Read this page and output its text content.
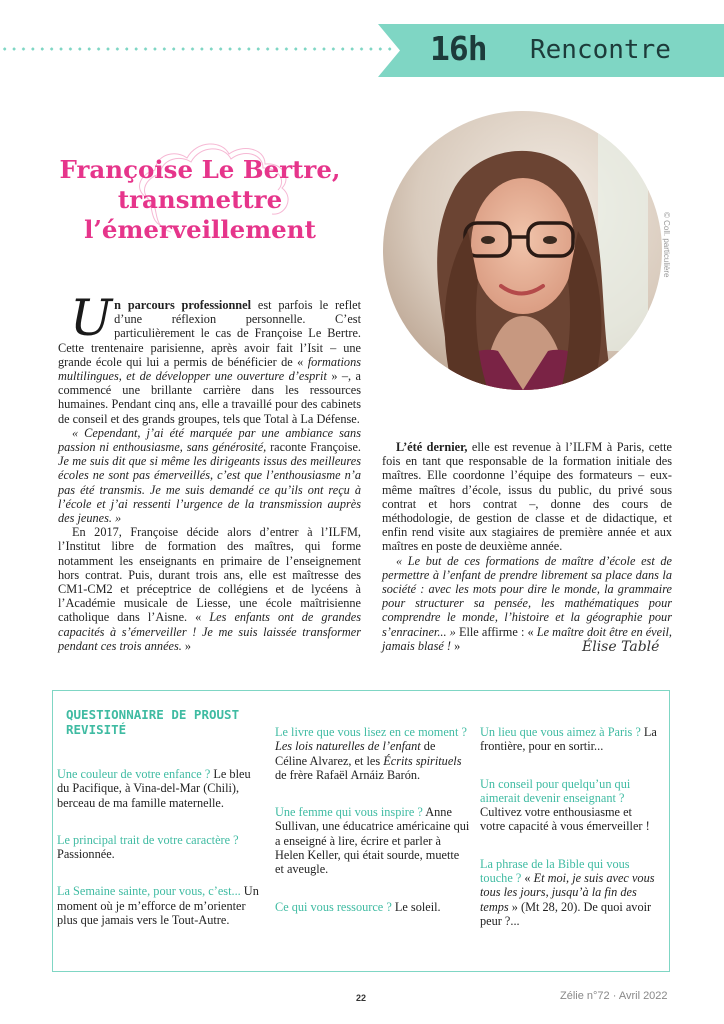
16h Rencontre
Françoise Le Bertre, transmettre l’émerveillement	© Coll. particulière

Un parcours professionnel est parfois le reflet d’une réflexion personnelle. C’est particulièrement le cas de Françoise Le Bertre. Cette trentenaire parisienne, après avoir fait l’Isit – une grande école qui lui a permis de bénéficier de « formations multilingues, et de développer une ouverture d’esprit » –, a commencé une brillante carrière dans les ressources humaines. Pendant cinq ans, elle a travaillé pour des cabinets de conseil et des grands groupes, tels que Total à La Défense.

« Cependant, j’ai été marquée par une ambiance sans passion ni enthousiasme, sans générosité, raconte Françoise. Je me suis dit que si même les dirigeants issus des meilleures écoles ne sont pas émerveillés, c’est que l’enthousiasme n’a pas été transmis. Je me suis demandé ce qu’ils ont reçu à l’école et j’ai ressenti l’urgence de la transmission auprès des jeunes. »

En 2017, Françoise décide alors d’entrer à l’ILFM, l’Institut libre de formation des maîtres, qui forme notamment les enseignants en primaire de l’enseignement hors contrat. Puis, durant trois ans, elle est maîtresse des CM1-CM2 et préceptrice de collégiens et de lycéens à l’Académie musicale de Liesse, une école maîtrisienne catholique dans l’Aisne. « Les enfants ont de grandes capacités à s’émerveiller ! Je me suis laissée transformer pendant ces trois années. »

L’été dernier, elle est revenue à l’ILFM à Paris, cette fois en tant que responsable de la formation initiale des maîtres. Elle coordonne l’équipe des formateurs – eux-même maîtres d’école, issus du public, du privé sous contrat et hors contrat –, donne des cours de méthodologie, de gestion de classe et de didactique, et enfin rend visite aux stagiaires de première année et aux maîtres en poste de deuxième année.

« Le but de ces formations de maître d’école est de permettre à l’enfant de prendre librement sa place dans la société : avec les mots pour dire le monde, la grammaire pour structurer sa pensée, les mathématiques pour comprendre le monde, l’histoire et la géographie pour s’enraciner... » Elle affirme : « Le maître doit être en éveil, jamais blasé ! »	Élise Tablé
QUESTIONNAIRE DE PROUST REVISITÉ

Une couleur de votre enfance ? Le bleu du Pacifique, à Vina-del-Mar (Chili), berceau de ma famille maternelle.

Le principal trait de votre caractère ? Passionnée.

La Semaine sainte, pour vous, c’est... Un moment où je m’efforce de m’orienter plus que jamais vers le Tout-Autre.

Le livre que vous lisez en ce moment ? Les lois naturelles de l’enfant de Céline Alvarez, et les Écrits spirituels de frère Rafaël Arnáiz Barón.

Une femme qui vous inspire ? Anne Sullivan, une éducatrice américaine qui a enseigné à lire, écrire et parler à Helen Keller, qui était sourde, muette et aveugle.

Ce qui vous ressource ? Le soleil.

Un lieu que vous aimez à Paris ? La frontière, pour en sortir...

Un conseil pour quelqu’un qui aimerait devenir enseignant ? Cultivez votre enthousiasme et votre capacité à vous émerveiller !

La phrase de la Bible qui vous touche ? « Et moi, je suis avec vous tous les jours, jusqu’à la fin des temps » (Mt 28, 20). De quoi avoir peur ?...

22	Zélie n°72 · Avril 2022
